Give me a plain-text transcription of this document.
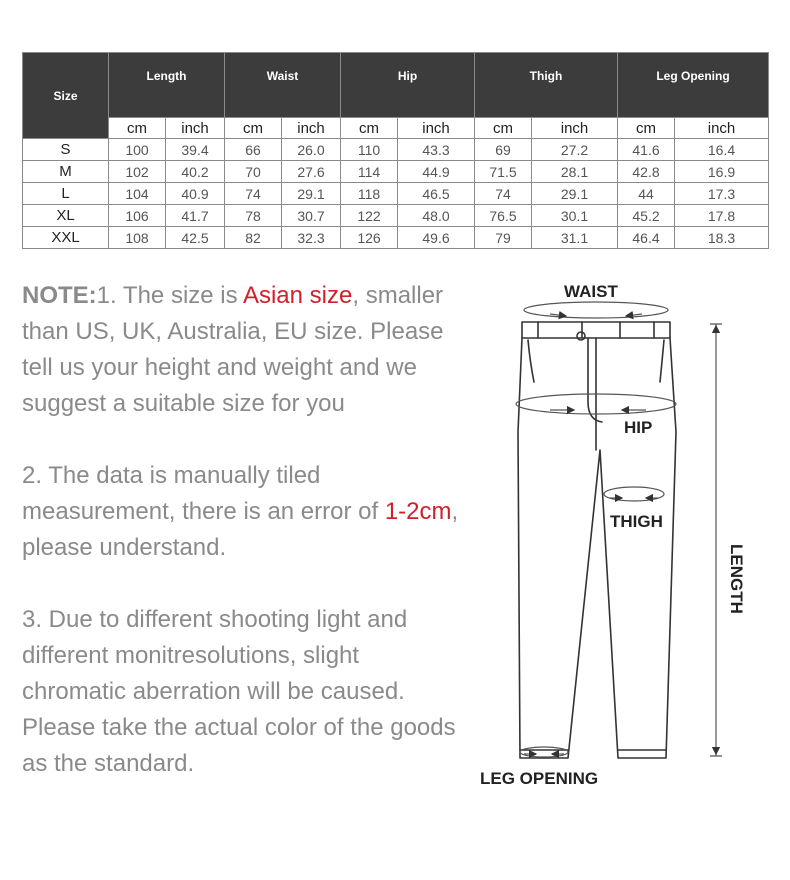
Size	Length		Waist		Hip		Thigh		Leg Opening	
	cm	inch	cm	inch	cm	inch	cm	inch	cm	inch
S	100	39.4	66	26.0	110	43.3	69	27.2	41.6	16.4
M	102	40.2	70	27.6	114	44.9	71.5	28.1	42.8	16.9
L	104	40.9	74	29.1	118	46.5	74	29.1	44	17.3
XL	106	41.7	78	30.7	122	48.0	76.5	30.1	45.2	17.8
XXL	108	42.5	82	32.3	126	49.6	79	31.1	46.4	18.3

NOTE:1. The size is Asian size, smaller than US, UK, Australia, EU size. Please tell us your height and weight and we suggest a suitable size for you

2. The data is manually tiled measurement, there is an error of 1-2cm, please understand.

3. Due to different shooting light and different monitresolutions, slight chromatic aberration will be caused. Please take the actual color of the goods as the standard.

WAIST
HIP
THIGH
LENGTH
LEG OPENING
